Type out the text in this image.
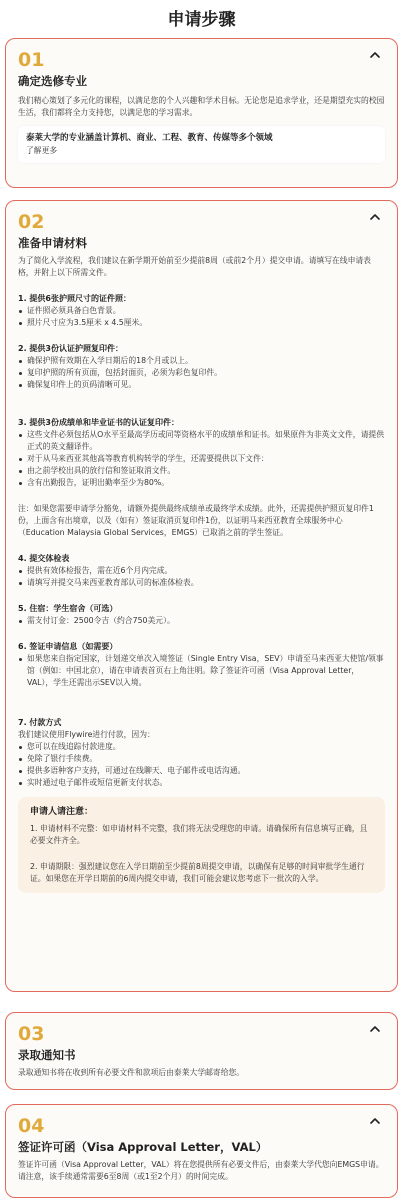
申请步骤
01
确定选修专业
我们精心策划了多元化的课程，以满足您的个人兴趣和学术目标。无论您是追求学业，还是期望充实的校园生活，我们都将全力支持您，以满足您的学习需求。
泰莱大学的专业涵盖计算机、商业、工程、教育、传媒等多个领域
了解更多
02
准备申请材料
为了简化入学流程，我们建议在新学期开始前至少提前8周（或前2个月）提交申请。请填写在线申请表格，并附上以下所需文件。
1. 提供6张护照尺寸的证件照：
证件照必须具备白色背景。
照片尺寸应为3.5厘米 x 4.5厘米。
2. 提供3份认证护照复印件：
确保护照有效期在入学日期后的18个月或以上。
复印护照的所有页面，包括封面页，必须为彩色复印件。
确保复印件上的页码清晰可见。
3. 提供3份成绩单和毕业证书的认证复印件：
这些文件必须包括从O水平至最高学历或同等资格水平的成绩单和证书。如果原件为非英文文件，请提供正式的英文翻译件。
对于从马来西亚其他高等教育机构转学的学生，还需要提供以下文件：
由之前学校出具的放行信和签证取消文件。
含有出勤报告，证明出勤率至少为80%。
注：如果您需要申请学分豁免，请额外提供最终成绩单或最终学术成绩。此外，还需提供护照页复印件1份，上面含有出境章，以及（如有）签证取消页复印件1份，以证明马来西亚教育全球服务中心（Education Malaysia Global Services，EMGS）已取消之前的学生签证。
4. 提交体检表
提供有效体检报告，需在近6个月内完成。
请填写并提交马来西亚教育部认可的标准体检表。
5. 住宿：学生宿舍（可选）
需支付订金：2500令吉（约合750美元）。
6. 签证申请信息（如需要）
如果您来自指定国家，计划递交单次入境签证（Single Entry Visa，SEV）申请至马来西亚大使馆/领事馆（例如：中国北京），请在申请表首页右上角注明。除了签证许可函（Visa Approval Letter，VAL），学生还需出示SEV以入境。
7. 付款方式
我们建议使用Flywire进行付款，因为：
您可以在线追踪付款进度。
免除了银行手续费。
提供多语种客户支持，可通过在线聊天、电子邮件或电话沟通。
实时通过电子邮件或短信更新支付状态。
申请人请注意：
1. 申请材料不完整：如申请材料不完整，我们将无法受理您的申请。请确保所有信息填写正确，且必要文件齐全。
2. 申请期限：强烈建议您在入学日期前至少提前8周提交申请，以确保有足够的时间审批学生通行证。如果您在开学日期前的6周内提交申请，我们可能会建议您考虑下一批次的入学。
03
录取通知书
录取通知书将在收到所有必要文件和款项后由泰莱大学邮寄给您。
04
签证许可函（Visa Approval Letter，VAL）
签证许可函（Visa Approval Letter，VAL）将在您提供所有必要文件后，由泰莱大学代您向EMGS申请。请注意，该手续通常需要6至8周（或1至2个月）的时间完成。
